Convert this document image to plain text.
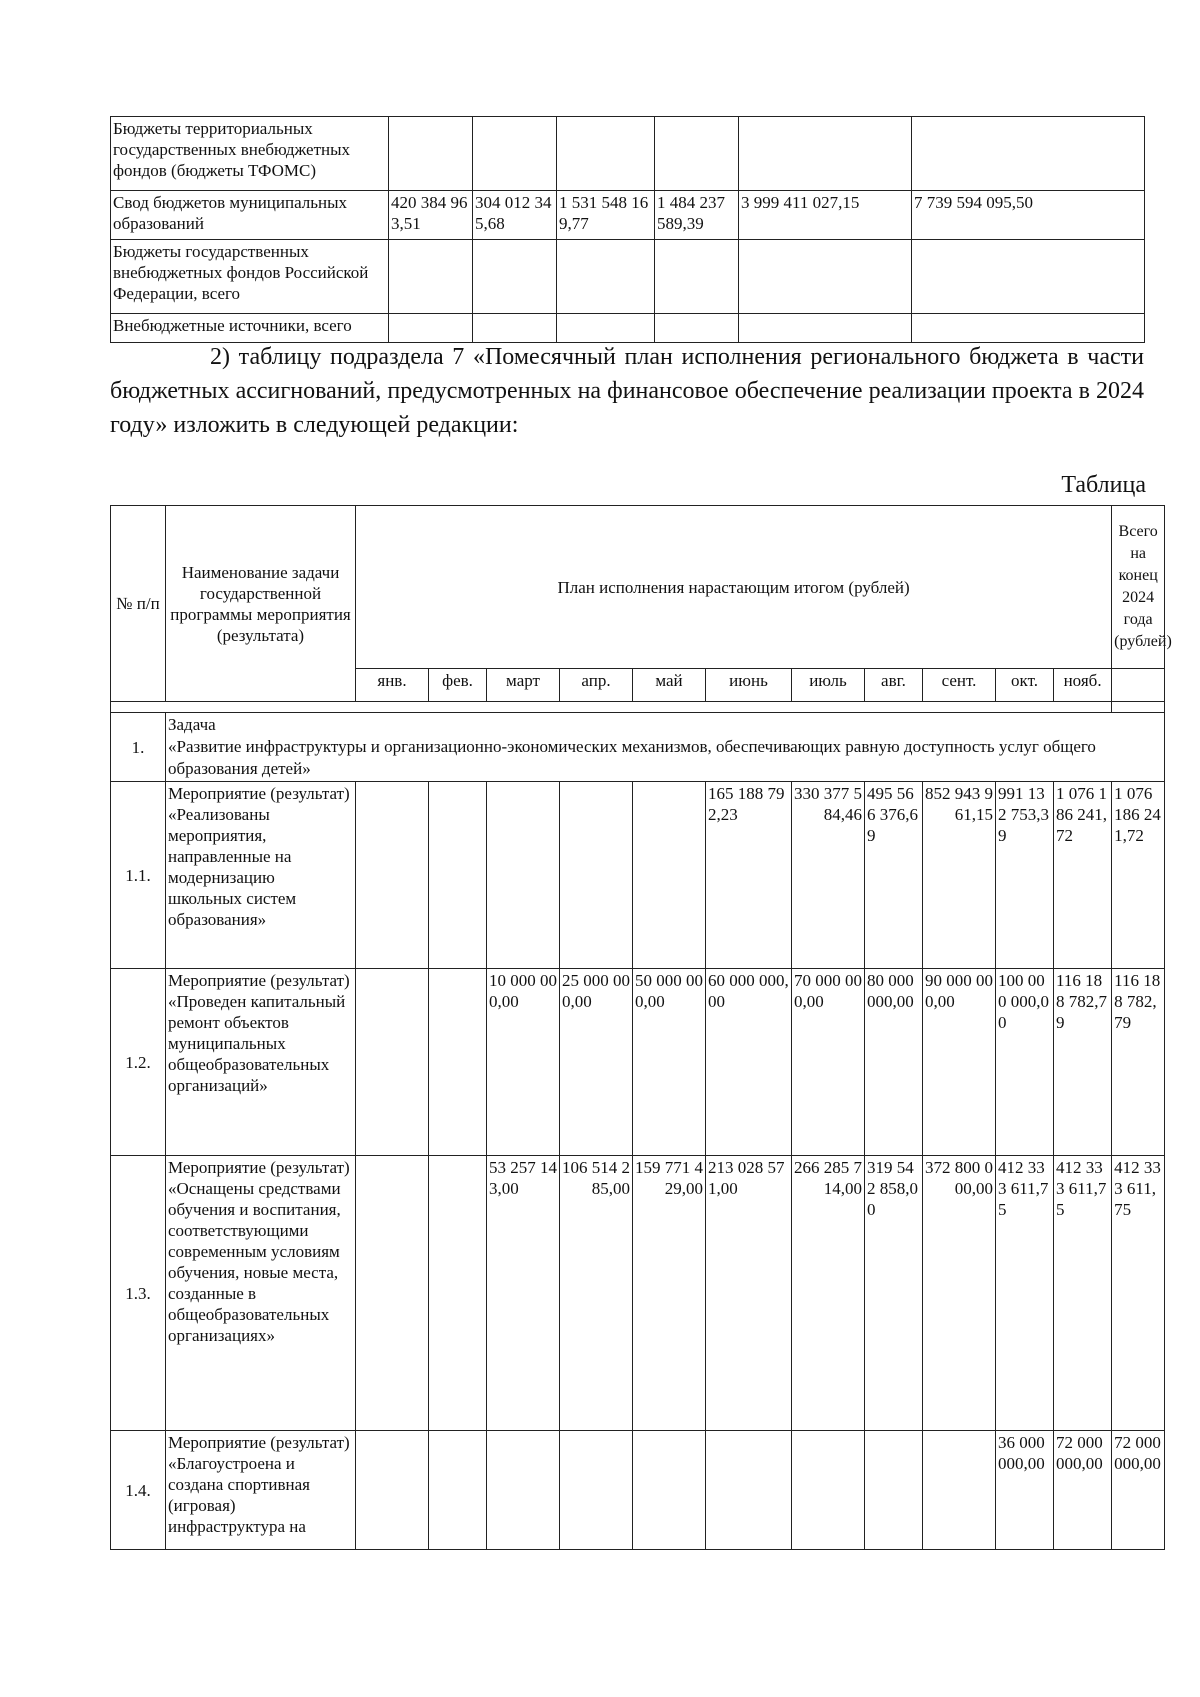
Бюджеты территориальных государственных внебюджетных фондов (бюджеты ТФОМС)						
Свод бюджетов муниципальных образований	420 384 963,51	304 012 345,68	1 531 548 169,77	1 484 237 589,39	3 999 411 027,15	7 739 594 095,50
Бюджеты государственных внебюджетных фондов Российской Федерации, всего						
Внебюджетные источники, всего						

2) таблицу подраздела 7 «Помесячный план исполнения регионального бюджета в части бюджетных ассигнований, предусмотренных на финансовое обеспечение реализации проекта в 2024 году» изложить в следующей редакции:

Таблица
№ п/п	Наименование задачи государственной программы мероприятия (результата)	План исполнения нарастающим итогом (рублей)											Всего на конец 2024 года (рублей)
		янв.	фев.	март	апр.	май	июнь	июль	авг.	сент.	окт.	нояб.	

1.	Задача
«Развитие инфраструктуры и организационно-экономических механизмов, обеспечивающих равную доступность услуг общего образования детей»												

1.1.	Мероприятие (результат) «Реализованы мероприятия, направленные на модернизацию школьных систем образования»						165 188 792,23	330 377 584,46	495 566 376,69	852 943 961,15	991 132 753,39	1 076 186 241,72	1 076 186 241,72
1.2.	Мероприятие (результат) «Проведен капитальный ремонт объектов муниципальных общеобразовательных организаций»			10 000 000,00	25 000 000,00	50 000 000,00	60 000 000,00	70 000 000,00	80 000 000,00	90 000 000,00	100 000 000,00	116 188 782,79	116 188 782,79
1.3.	Мероприятие (результат) «Оснащены средствами обучения и воспитания, соответствующими современным условиям обучения, новые места, созданные в общеобразовательных организациях»			53 257 143,00	106 514 285,00	159 771 429,00	213 028 571,00	266 285 714,00	319 542 858,00	372 800 000,00	412 333 611,75	412 333 611,75	412 333 611,75
1.4.	Мероприятие (результат) «Благоустроена и создана спортивная (игровая) инфраструктура на										36 000 000,00	72 000 000,00	72 000 000,00
